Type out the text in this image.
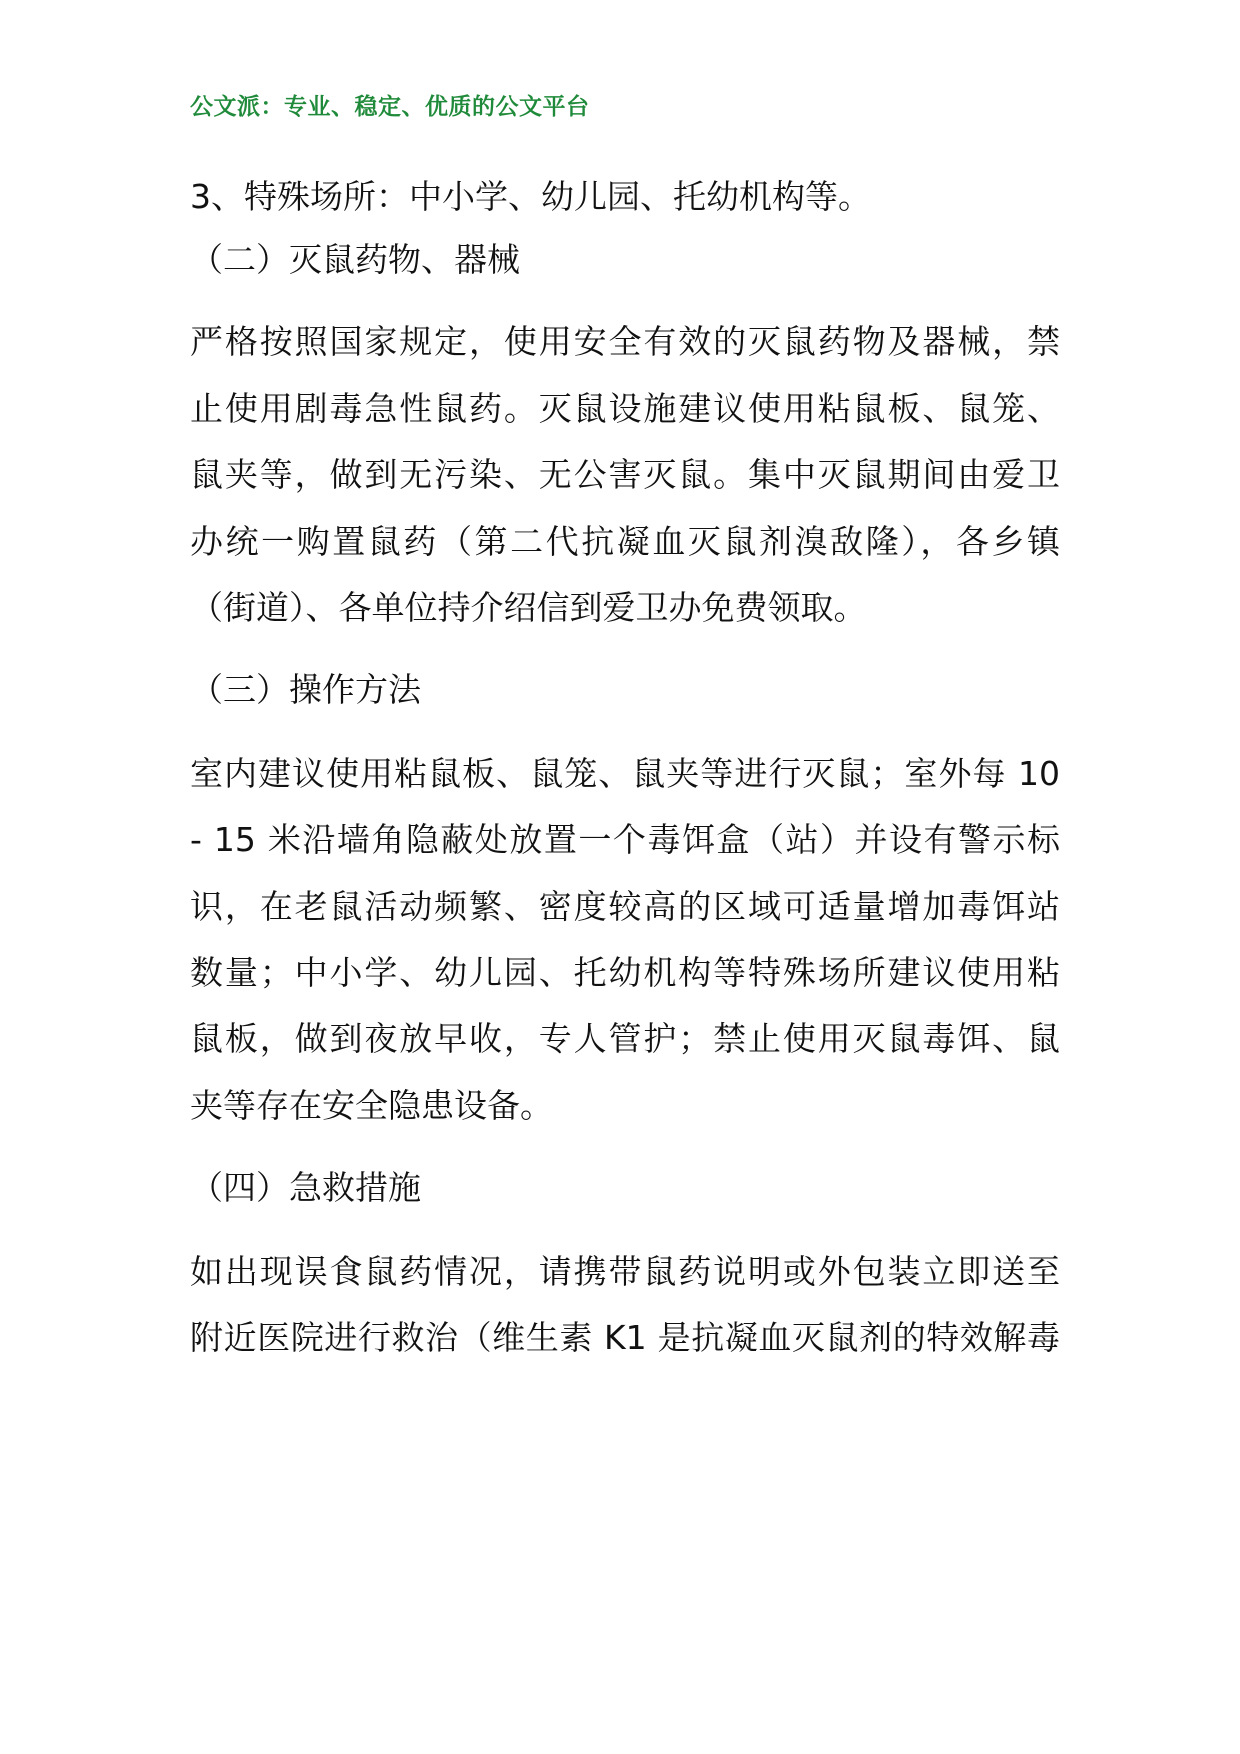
公文派：专业、稳定、优质的公文平台
3、特殊场所：中小学、幼儿园、托幼机构等。
（二）灭鼠药物、器械
严格按照国家规定，使用安全有效的灭鼠药物及器械，禁
止使用剧毒急性鼠药。灭鼠设施建议使用粘鼠板、鼠笼、
鼠夹等，做到无污染、无公害灭鼠。集中灭鼠期间由爱卫
办统一购置鼠药（第二代抗凝血灭鼠剂溴敌隆），各乡镇
（街道）、各单位持介绍信到爱卫办免费领取。
（三）操作方法
室内建议使用粘鼠板、鼠笼、鼠夹等进行灭鼠；室外每 10
- 15 米沿墙角隐蔽处放置一个毒饵盒（站）并设有警示标
识，在老鼠活动频繁、密度较高的区域可适量增加毒饵站
数量；中小学、幼儿园、托幼机构等特殊场所建议使用粘
鼠板，做到夜放早收，专人管护；禁止使用灭鼠毒饵、鼠
夹等存在安全隐患设备。
（四）急救措施
如出现误食鼠药情况，请携带鼠药说明或外包装立即送至
附近医院进行救治（维生素 K1 是抗凝血灭鼠剂的特效解毒
